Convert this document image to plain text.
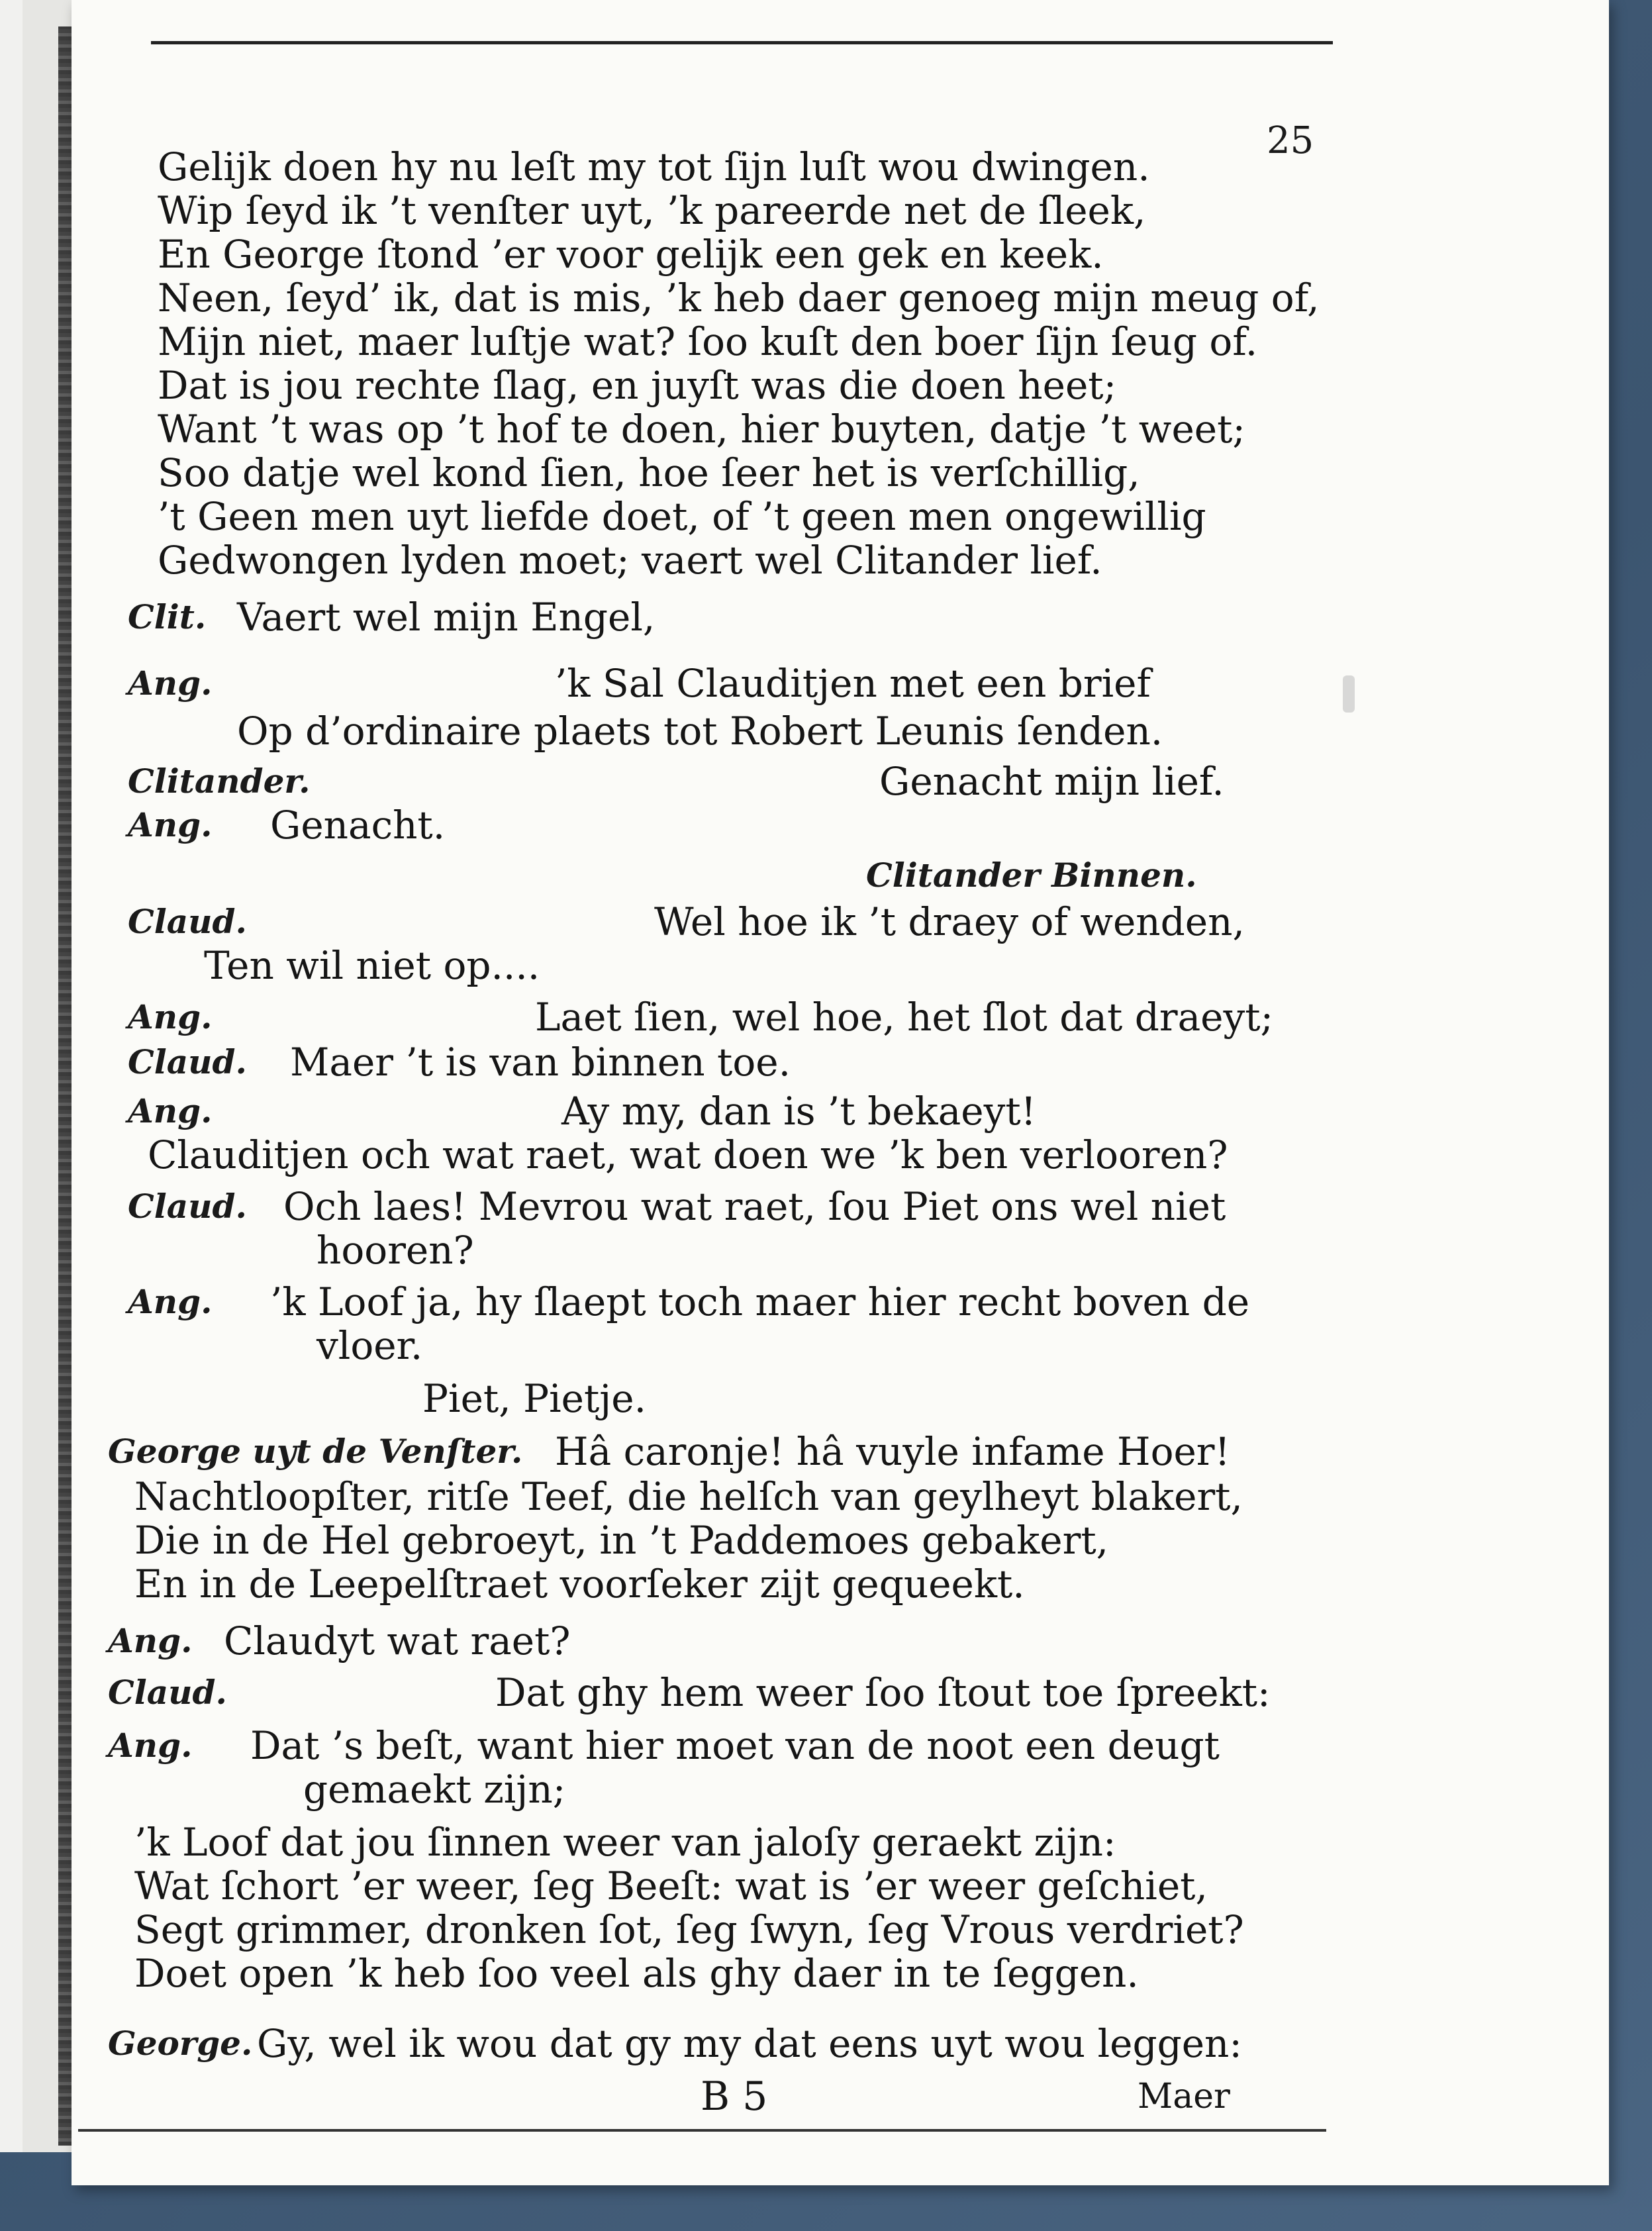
25
Gelijk doen hy nu leſt my tot ſijn luſt wou dwingen.
Wip ſeyd ik ’t venſter uyt, ’k pareerde net de ſleek,
En George ſtond ’er voor gelijk een gek en keek.
Neen, ſeyd’ ik, dat is mis, ’k heb daer genoeg mijn meug of,
Mijn niet, maer luſtje wat? ſoo kuſt den boer ſijn ſeug of.
Dat is jou rechte ſlag, en juyſt was die doen heet;
Want ’t was op ’t hof te doen, hier buyten, datje ’t weet;
Soo datje wel kond ſien, hoe ſeer het is verſchillig,
’t Geen men uyt liefde doet, of ’t geen men ongewillig
Gedwongen lyden moet; vaert wel Clitander lief.
Clit. Vaert wel mijn Engel,
Ang.	’k Sal Clauditjen met een brief
Op d’ordinaire plaets tot Robert Leunis ſenden.
Clitander.	Genacht mijn lief.
Ang. Genacht.
Clitander Binnen.
Claud.	Wel hoe ik ’t draey of wenden,
Ten wil niet op....
Ang.	Laet ſien, wel hoe, het ſlot dat draeyt;
Claud. Maer ’t is van binnen toe.
Ang.	Ay my, dan is ’t bekaeyt!
Clauditjen och wat raet, wat doen we ’k ben verlooren?
Claud. Och laes! Mevrou wat raet, ſou Piet ons wel niet
hooren?
Ang. ’k Loof ja, hy ſlaept toch maer hier recht boven de
vloer.
Piet, Pietje.
George uyt de Venſter. Hâ caronje! hâ vuyle infame Hoer!
Nachtloopſter, ritſe Teef, die helſch van geylheyt blakert,
Die in de Hel gebroeyt, in ’t Paddemoes gebakert,
En in de Leepelſtraet voorſeker zijt gequeekt.
Ang. Claudyt wat raet?
Claud.	Dat ghy hem weer ſoo ſtout toe ſpreekt:
Ang. Dat ’s beſt, want hier moet van de noot een deugt
gemaekt zijn;
’k Loof dat jou ſinnen weer van jaloſy geraekt zijn:
Wat ſchort ’er weer, ſeg Beeſt: wat is ’er weer geſchiet,
Segt grimmer, dronken ſot, ſeg ſwyn, ſeg Vrous verdriet?
Doet open ’k heb ſoo veel als ghy daer in te ſeggen.
George. Gy, wel ik wou dat gy my dat eens uyt wou leggen:
B 5	Maer
